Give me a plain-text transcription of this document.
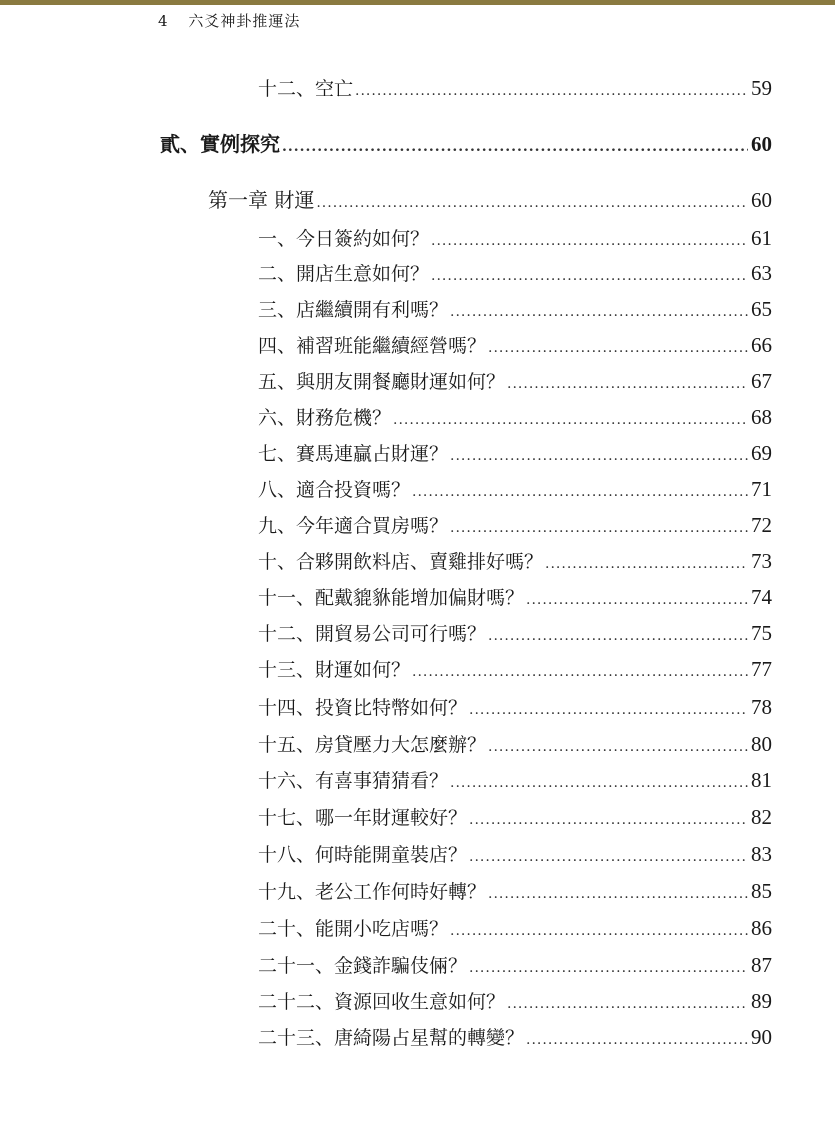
4 六爻神卦推運法
十二、空亡 .....	59
貳、實例探究 .....	60
第一章 財運 .....	60
一、今日簽約如何？ .....	61
二、開店生意如何？ .....	63
三、店繼續開有利嗎？ .....	65
四、補習班能繼續經營嗎？ .....	66
五、與朋友開餐廳財運如何？ .....	67
六、財務危機？ .....	68
七、賽馬連贏占財運？ .....	69
八、適合投資嗎？ .....	71
九、今年適合買房嗎？ .....	72
十、合夥開飲料店、賣雞排好嗎？ .....	73
十一、配戴貔貅能增加偏財嗎？ .....	74
十二、開貿易公司可行嗎？ .....	75
十三、財運如何？ .....	77
十四、投資比特幣如何？ .....	78
十五、房貸壓力大怎麼辦？ .....	80
十六、有喜事猜猜看？ .....	81
十七、哪一年財運較好？ .....	82
十八、何時能開童裝店？ .....	83
十九、老公工作何時好轉？ .....	85
二十、能開小吃店嗎？ .....	86
二十一、金錢詐騙伎倆？ .....	87
二十二、資源回收生意如何？ .....	89
二十三、唐綺陽占星幫的轉變？ .....	90
